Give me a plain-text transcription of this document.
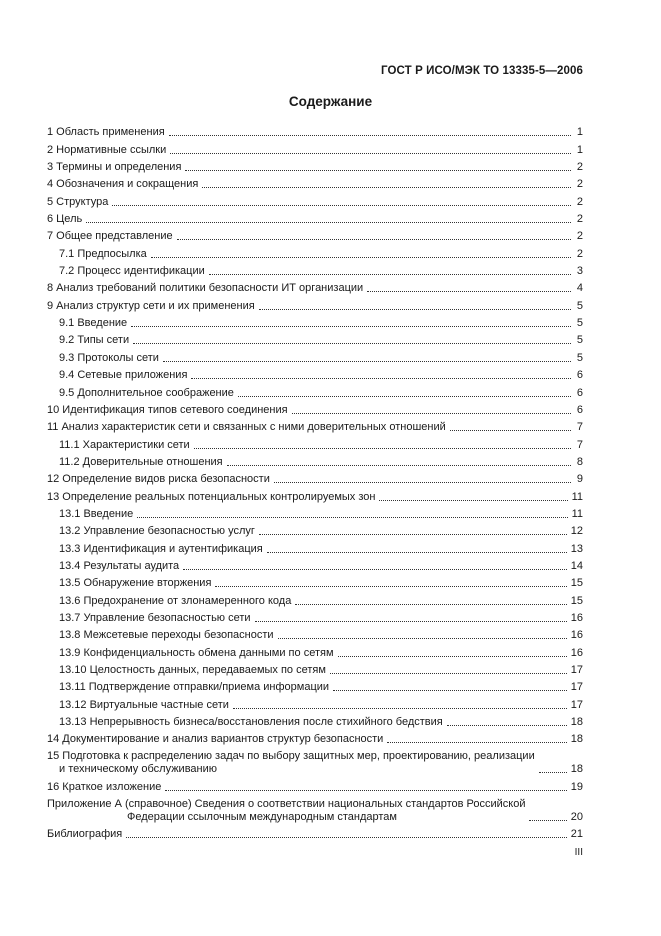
ГОСТ Р ИСО/МЭК ТО 13335-5—2006
Содержание
1 Область применения	1
2 Нормативные ссылки	1
3 Термины и определения	2
4 Обозначения и сокращения	2
5 Структура	2
6 Цель	2
7 Общее представление	2
7.1 Предпосылка	2
7.2 Процесс идентификации	3
8 Анализ требований политики безопасности ИТ организации	4
9 Анализ структур сети и их применения	5
9.1 Введение	5
9.2 Типы сети	5
9.3 Протоколы сети	5
9.4 Сетевые приложения	6
9.5 Дополнительное соображение	6
10 Идентификация типов сетевого соединения	6
11 Анализ характеристик сети и связанных с ними доверительных отношений	7
11.1 Характеристики сети	7
11.2 Доверительные отношения	8
12 Определение видов риска безопасности	9
13 Определение реальных потенциальных контролируемых зон	11
13.1 Введение	11
13.2 Управление безопасностью услуг	12
13.3 Идентификация и аутентификация	13
13.4 Результаты аудита	14
13.5 Обнаружение вторжения	15
13.6 Предохранение от злонамеренного кода	15
13.7 Управление безопасностью сети	16
13.8 Межсетевые переходы безопасности	16
13.9 Конфиденциальность обмена данными по сетям	16
13.10 Целостность данных, передаваемых по сетям	17
13.11 Подтверждение отправки/приема информации	17
13.12 Виртуальные частные сети	17
13.13 Непрерывность бизнеса/восстановления после стихийного бедствия	18
14 Документирование и анализ вариантов структур безопасности	18
15 Подготовка к распределению задач по выбору защитных мер, проектированию, реализации
и техническому обслуживанию	18
16 Краткое изложение	19
Приложение А (справочное) Сведения о соответствии национальных стандартов Российской
Федерации ссылочным международным стандартам	20
Библиография	21
III
